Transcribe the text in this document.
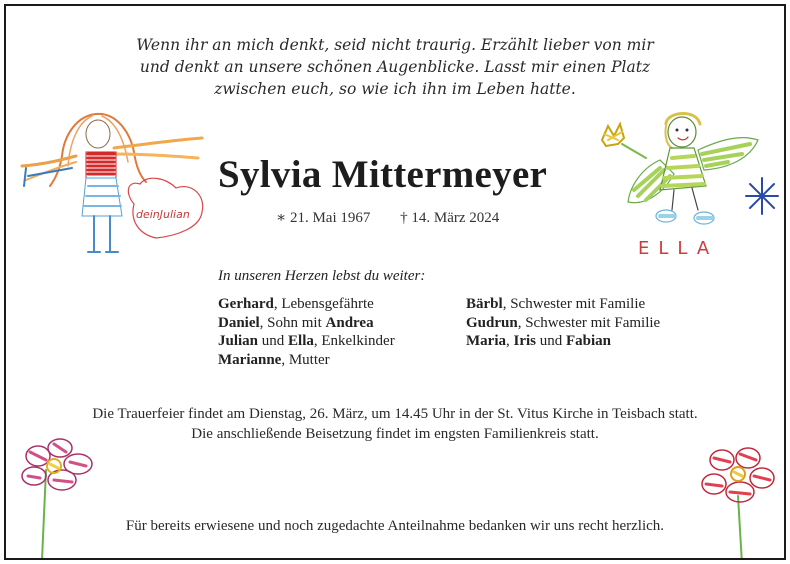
Wenn ihr an mich denkt, seid nicht traurig. Erzählt lieber von mir
und denkt an unsere schönen Augenblicke. Lasst mir einen Platz
zwischen euch, so wie ich ihn im Leben hatte.
deinJulian
Sylvia Mittermeyer
∗ 21. Mai 1967 † 14. März 2024
ELLA
In unseren Herzen lebst du weiter:
Gerhard, Lebensgefährte
Daniel, Sohn mit Andrea
Julian und Ella, Enkelkinder
Marianne, Mutter
Bärbl, Schwester mit Familie
Gudrun, Schwester mit Familie
Maria, Iris und Fabian
Die Trauerfeier findet am Dienstag, 26. März, um 14.45 Uhr in der St. Vitus Kirche in Teisbach statt.
Die anschließende Beisetzung findet im engsten Familienkreis statt.
Für bereits erwiesene und noch zugedachte Anteilnahme bedanken wir uns recht herzlich.
